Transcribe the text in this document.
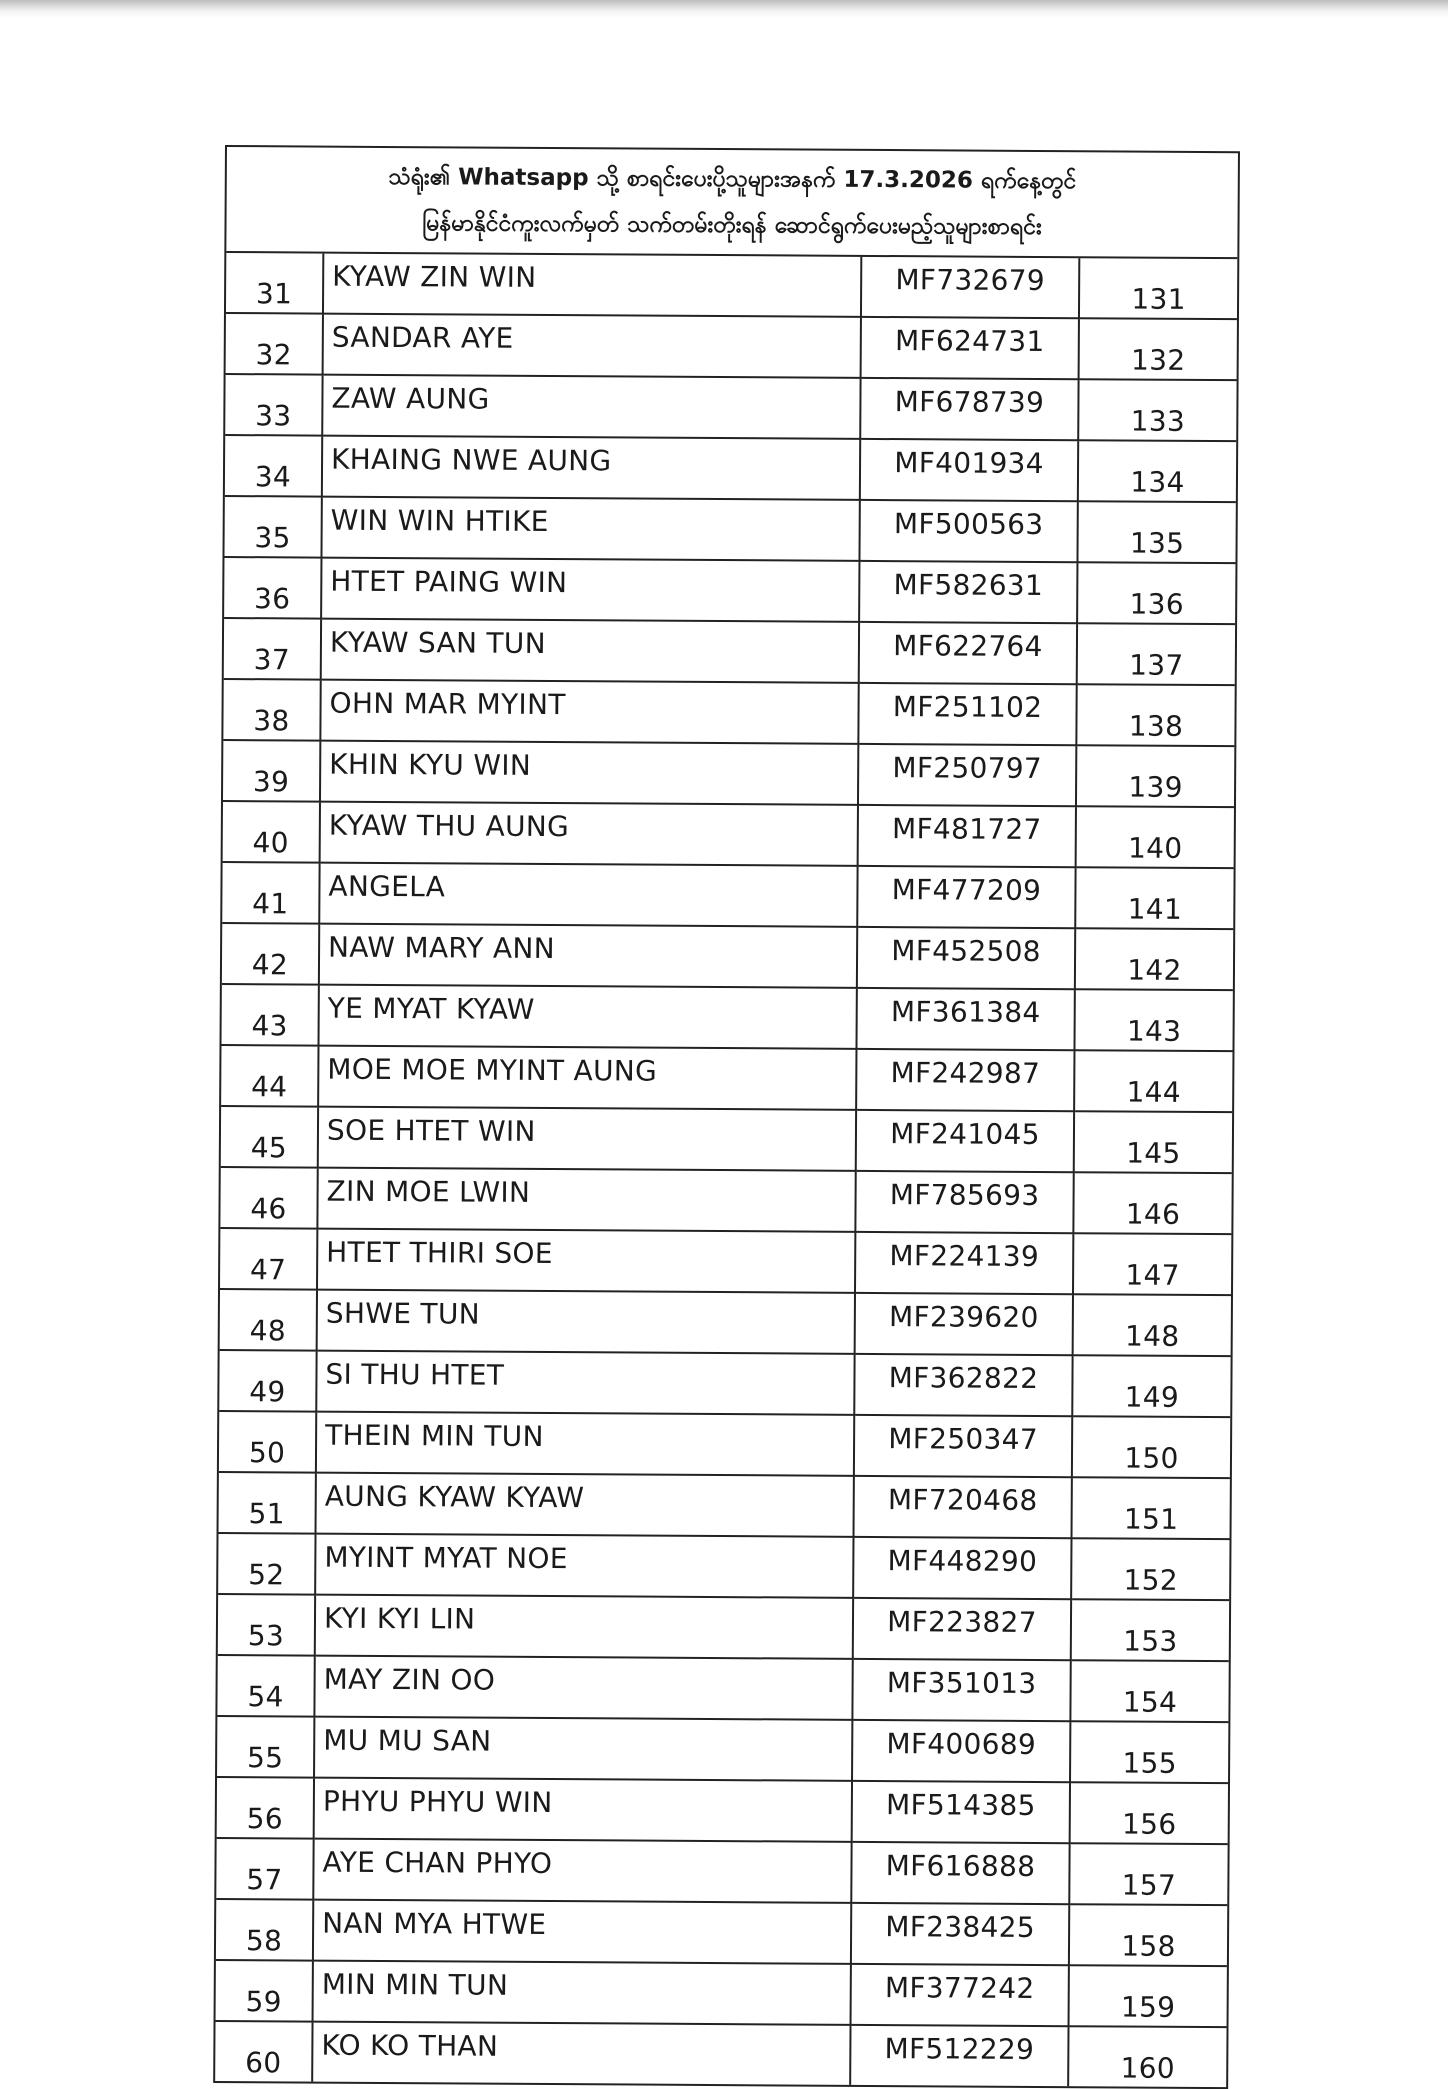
သံရုံး၏ Whatsapp သို့ စာရင်းပေးပို့သူများအနက် 17.3.2026 ရက်နေ့တွင်
မြန်မာနိုင်ငံကူးလက်မှတ် သက်တမ်းတိုးရန် ဆောင်ရွက်ပေးမည့်သူများစာရင်း
31	KYAW ZIN WIN	MF732679	131
32	SANDAR AYE	MF624731	132
33	ZAW AUNG	MF678739	133
34	KHAING NWE AUNG	MF401934	134
35	WIN WIN HTIKE	MF500563	135
36	HTET PAING WIN	MF582631	136
37	KYAW SAN TUN	MF622764	137
38	OHN MAR MYINT	MF251102	138
39	KHIN KYU WIN	MF250797	139
40	KYAW THU AUNG	MF481727	140
41	ANGELA	MF477209	141
42	NAW MARY ANN	MF452508	142
43	YE MYAT KYAW	MF361384	143
44	MOE MOE MYINT AUNG	MF242987	144
45	SOE HTET WIN	MF241045	145
46	ZIN MOE LWIN	MF785693	146
47	HTET THIRI SOE	MF224139	147
48	SHWE TUN	MF239620	148
49	SI THU HTET	MF362822	149
50	THEIN MIN TUN	MF250347	150
51	AUNG KYAW KYAW	MF720468	151
52	MYINT MYAT NOE	MF448290	152
53	KYI KYI LIN	MF223827	153
54	MAY ZIN OO	MF351013	154
55	MU MU SAN	MF400689	155
56	PHYU PHYU WIN	MF514385	156
57	AYE CHAN PHYO	MF616888	157
58	NAN MYA HTWE	MF238425	158
59	MIN MIN TUN	MF377242	159
60	KO KO THAN	MF512229	160
